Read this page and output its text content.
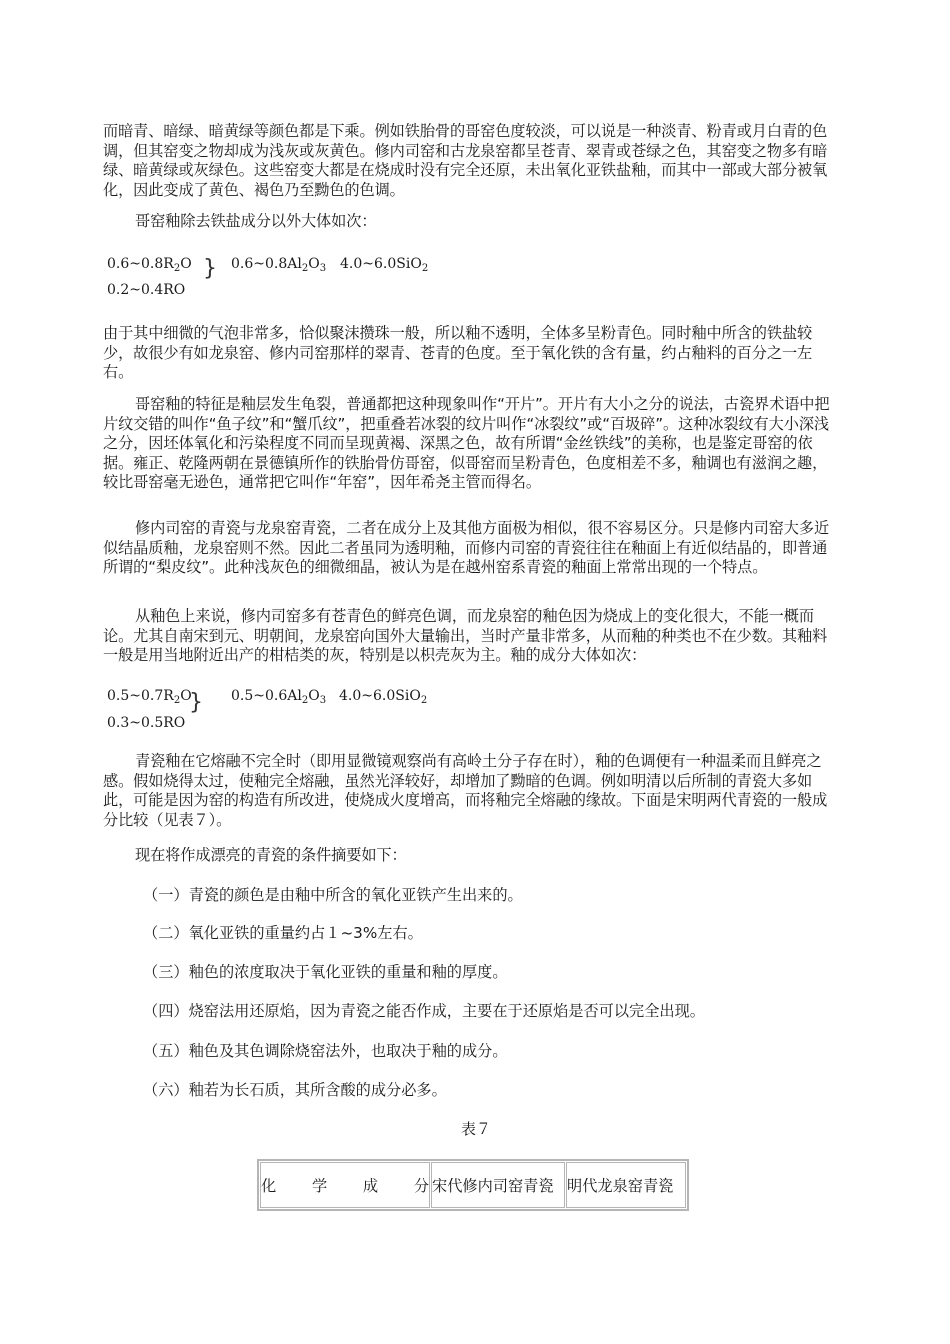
而暗青、暗绿、暗黄绿等颜色都是下乘。例如铁胎骨的哥窑色度较淡，可以说是一种淡青、粉青或月白青的色调，但其窑变之物却成为浅灰或灰黄色。修内司窑和古龙泉窑都呈苍青、翠青或苍绿之色，其窑变之物多有暗绿、暗黄绿或灰绿色。这些窑变大都是在烧成时没有完全还原，未出氧化亚铁盐釉，而其中一部或大部分被氧化，因此变成了黄色、褐色乃至黝色的色调。

哥窑釉除去铁盐成分以外大体如次：

$0.6\sim 0.8R_2O$
0.2~0.4RO
} $0.6\sim 0.8Al_2O_3$ 4.0~6.0SiO$_2$

由于其中细微的气泡非常多，恰似聚沫攒珠一般，所以釉不透明，全体多呈粉青色。同时釉中所含的铁盐较少，故很少有如龙泉窑、修内司窑那样的翠青、苍青的色度。至于氧化铁的含有量，约占釉料的百分之一左右。

哥窑釉的特征是釉层发生龟裂，普通都把这种现象叫作“开片”。开片有大小之分的说法，古瓷界术语中把片纹交错的叫作“鱼子纹”和“蟹爪纹”，把重叠若冰裂的纹片叫作“冰裂纹”或“百圾碎”。这种冰裂纹有大小深浅之分，因坯体氧化和污染程度不同而呈现黄褐、深黑之色，故有所谓“金丝铁线”的美称，也是鉴定哥窑的依据。雍正、乾隆两朝在景德镇所作的铁胎骨仿哥窑，似哥窑而呈粉青色，色度相差不多，釉调也有滋润之趣，较比哥窑毫无逊色，通常把它叫作“年窑”，因年希尧主管而得名。

修内司窑的青瓷与龙泉窑青瓷，二者在成分上及其他方面极为相似，很不容易区分。只是修内司窑大多近似结晶质釉，龙泉窑则不然。因此二者虽同为透明釉，而修内司窑的青瓷往往在釉面上有近似结晶的，即普通所谓的“梨皮纹”。此种浅灰色的细微细晶，被认为是在越州窑系青瓷的釉面上常常出现的一个特点。

从釉色上来说，修内司窑多有苍青色的鲜亮色调，而龙泉窑的釉色因为烧成上的变化很大，不能一概而论。尤其自南宋到元、明朝间，龙泉窑向国外大量输出，当时产量非常多，从而釉的种类也不在少数。其釉料一般是用当地附近出产的柑桔类的灰，特别是以枳壳灰为主。釉的成分大体如次：

$0.5\sim 0.7R_2O$
0.3~0.5RO
} $0.5\sim 0.6Al_2O_3$ 4.0~6.0SiO$_2$

青瓷釉在它熔融不完全时（即用显微镜观察尚有高岭土分子存在时），釉的色调便有一种温柔而且鲜亮之感。假如烧得太过，使釉完全熔融，虽然光泽较好，却增加了黝暗的色调。例如明清以后所制的青瓷大多如此，可能是因为窑的构造有所改进，使烧成火度增高，而将釉完全熔融的缘故。下面是宋明两代青瓷的一般成分比较（见表７）。

现在将作成漂亮的青瓷的条件摘要如下：

（一）青瓷的颜色是由釉中所含的氧化亚铁产生出来的。

（二）氧化亚铁的重量约占１~3%左右。

（三）釉色的浓度取决于氧化亚铁的重量和釉的厚度。

（四）烧窑法用还原焰，因为青瓷之能否作成，主要在于还原焰是否可以完全出现。

（五）釉色及其色调除烧窑法外，也取决于釉的成分。

（六）釉若为长石质，其所含酸的成分必多。

表７
化学成分	宋代修内司窑青瓷	明代龙泉窑青瓷
